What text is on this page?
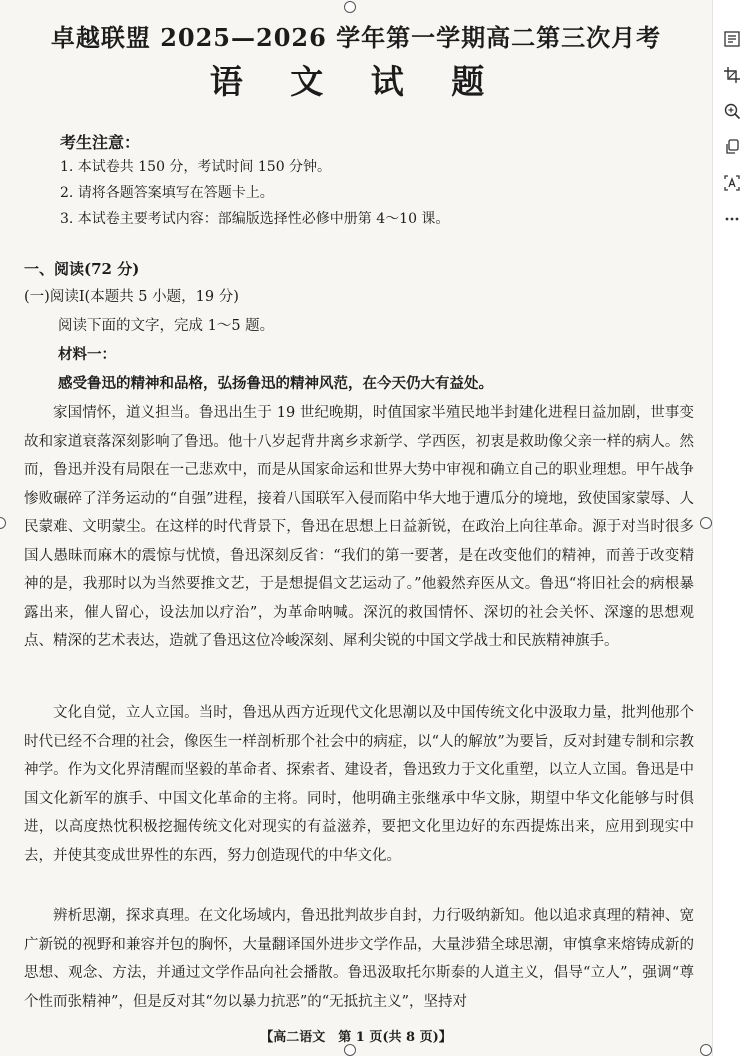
卓越联盟 2025—2026 学年第一学期高二第三次月考
语 文 试 题
考生注意：
1. 本试卷共 150 分，考试时间 150 分钟。
2. 请将各题答案填写在答题卡上。
3. 本试卷主要考试内容：部编版选择性必修中册第 4～10 课。
一、阅读(72 分)
(一)阅读Ⅰ(本题共 5 小题，19 分)
阅读下面的文字，完成 1～5 题。
材料一：
感受鲁迅的精神和品格，弘扬鲁迅的精神风范，在今天仍大有益处。

家国情怀，道义担当。鲁迅出生于 19 世纪晚期，时值国家半殖民地半封建化进程日益加剧，世事变故和家道衰落深刻影响了鲁迅。他十八岁起背井离乡求新学、学西医，初衷是救助像父亲一样的病人。然而，鲁迅并没有局限在一己悲欢中，而是从国家命运和世界大势中审视和确立自己的职业理想。甲午战争惨败碾碎了洋务运动的“自强”进程，接着八国联军入侵而陷中华大地于遭瓜分的境地，致使国家蒙辱、人民蒙难、文明蒙尘。在这样的时代背景下，鲁迅在思想上日益新锐，在政治上向往革命。源于对当时很多国人愚昧而麻木的震惊与忧愤，鲁迅深刻反省：“我们的第一要著，是在改变他们的精神，而善于改变精神的是，我那时以为当然要推文艺，于是想提倡文艺运动了。”他毅然弃医从文。鲁迅“将旧社会的病根暴露出来，催人留心，设法加以疗治”，为革命呐喊。深沉的救国情怀、深切的社会关怀、深邃的思想观点、精深的艺术表达，造就了鲁迅这位冷峻深刻、犀利尖锐的中国文学战士和民族精神旗手。

文化自觉，立人立国。当时，鲁迅从西方近现代文化思潮以及中国传统文化中汲取力量，批判他那个时代已经不合理的社会，像医生一样剖析那个社会中的病症，以“人的解放”为要旨，反对封建专制和宗教神学。作为文化界清醒而坚毅的革命者、探索者、建设者，鲁迅致力于文化重塑，以立人立国。鲁迅是中国文化新军的旗手、中国文化革命的主将。同时，他明确主张继承中华文脉，期望中华文化能够与时俱进，以高度热忱积极挖掘传统文化对现实的有益滋养，要把文化里边好的东西提炼出来，应用到现实中去，并使其变成世界性的东西，努力创造现代的中华文化。

辨析思潮，探求真理。在文化场域内，鲁迅批判故步自封，力行吸纳新知。他以追求真理的精神、宽广新锐的视野和兼容并包的胸怀，大量翻译国外进步文学作品，大量涉猎全球思潮，审慎拿来熔铸成新的思想、观念、方法，并通过文学作品向社会播散。鲁迅汲取托尔斯泰的人道主义，倡导“立人”，强调“尊个性而张精神”，但是反对其“勿以暴力抗恶”的“无抵抗主义”，坚持对

【高二语文　第 1 页(共 8 页)】
